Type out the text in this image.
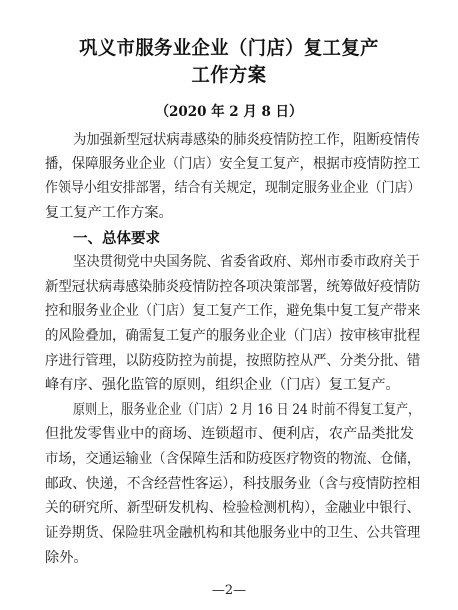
巩义市服务业企业（门店）复工复产
工作方案
（2020 年 2 月 8 日）
为加强新型冠状病毒感染的肺炎疫情防控工作，阻断疫情传
播，保障服务业企业（门店）安全复工复产，根据市疫情防控工
作领导小组安排部署，结合有关规定，现制定服务业企业（门店）
复工复产工作方案。
一、总体要求
坚决贯彻党中央国务院、省委省政府、郑州市委市政府关于
新型冠状病毒感染肺炎疫情防控各项决策部署，统筹做好疫情防
控和服务业企业（门店）复工复产工作，避免集中复工复产带来
的风险叠加，确需复工复产的服务业企业（门店）按审核审批程
序进行管理，以防疫防控为前提，按照防控从严、分类分批、错
峰有序、强化监管的原则，组织企业（门店）复工复产。
原则上，服务业企业（门店）2 月 16 日 24 时前不得复工复产，
但批发零售业中的商场、连锁超市、便利店，农产品类批发
市场，交通运输业（含保障生活和防疫医疗物资的物流、仓储，
邮政、快递，不含经营性客运），科技服务业（含与疫情防控相
关的研究所、新型研发机构、检验检测机构），金融业中银行、
证券期货、保险驻巩金融机构和其他服务业中的卫生、公共管理
除外。
—2—
